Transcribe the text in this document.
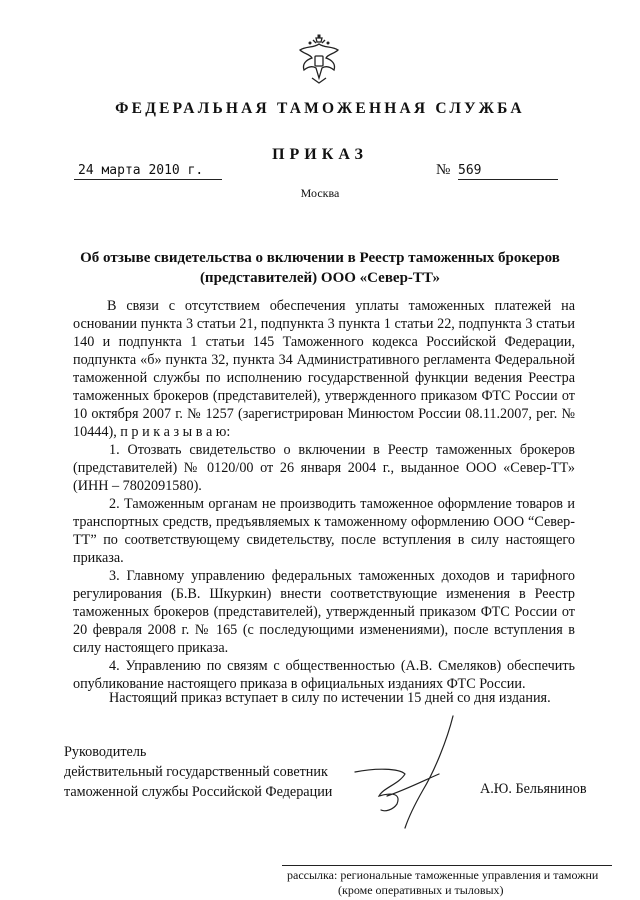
ФЕДЕРАЛЬНАЯ ТАМОЖЕННАЯ СЛУЖБА
ПРИКАЗ
24 марта 2010 г.	№ 569
Москва
Об отзыве свидетельства о включении в Реестр таможенных брокеров
(представителей) ООО «Север-ТТ»

В связи с отсутствием обеспечения уплаты таможенных платежей на основании пункта 3 статьи 21, подпункта 3 пункта 1 статьи 22, подпункта 3 статьи 140 и подпункта 1 статьи 145 Таможенного кодекса Российской Федерации, подпункта «б» пункта 32, пункта 34 Административного регламента Федеральной таможенной службы по исполнению государственной функции ведения Реестра таможенных брокеров (представителей), утвержденного приказом ФТС России от 10 октября 2007 г. № 1257 (зарегистрирован Минюстом России 08.11.2007, рег. № 10444), п р и к а з ы в а ю:

1. Отозвать свидетельство о включении в Реестр таможенных брокеров (представителей) № 0120/00 от 26 января 2004 г., выданное ООО «Север-ТТ» (ИНН – 7802091580).

2. Таможенным органам не производить таможенное оформление товаров и транспортных средств, предъявляемых к таможенному оформлению ООО “Север-ТТ” по соответствующему свидетельству, после вступления в силу настоящего приказа.

3. Главному управлению федеральных таможенных доходов и тарифного регулирования (Б.В. Шкуркин) внести соответствующие изменения в Реестр таможенных брокеров (представителей), утвержденный приказом ФТС России от 20 февраля 2008 г. № 165 (с последующими изменениями), после вступления в силу настоящего приказа.

4. Управлению по связям с общественностью (А.В. Смеляков) обеспечить опубликование настоящего приказа в официальных изданиях ФТС России.

Настоящий приказ вступает в силу по истечении 15 дней со дня издания.
Руководитель
действительный государственный советник
таможенной службы Российской Федерации	А.Ю. Бельянинов
рассылка: региональные таможенные управления и таможни
(кроме оперативных и тыловых)
